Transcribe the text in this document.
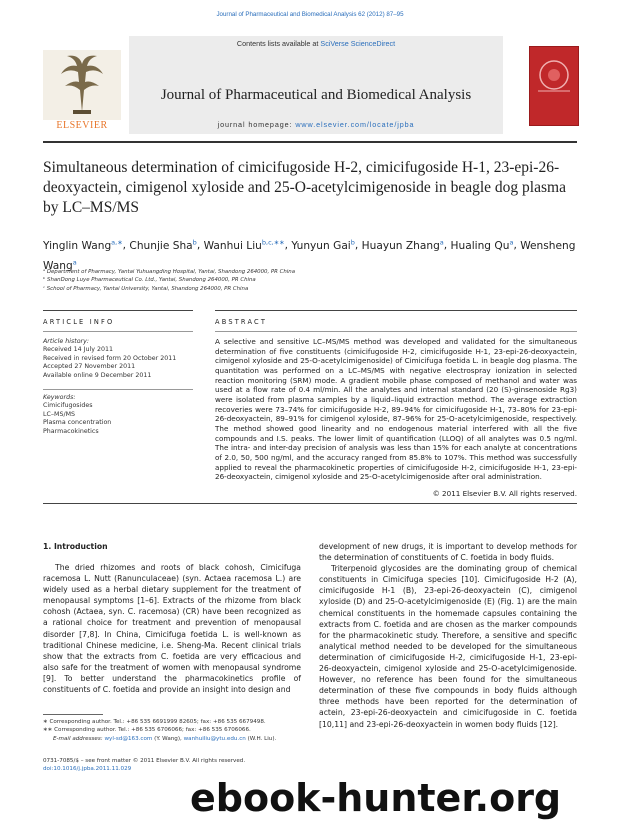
Journal of Pharmaceutical and Biomedical Analysis 62 (2012) 87–95
ELSEVIER
Contents lists available at SciVerse ScienceDirect
Journal of Pharmaceutical and Biomedical Analysis
journal homepage: www.elsevier.com/locate/jpba
Simultaneous determination of cimicifugoside H-2, cimicifugoside H-1, 23-epi-26-deoxyactein, cimigenol xyloside and 25-O-acetylcimigenoside in beagle dog plasma by LC–MS/MS
Yinglin Wang$^{a,∗}$, Chunjie Sha$^b$, Wanhui Liu$^{b,c,∗∗}$, Yunyun Gai$^b$, Huayun Zhang$^a$, Hualing Qu$^a$, Wensheng Wang$^a$
ᵃ Department of Pharmacy, Yantai Yuhuangding Hospital, Yantai, Shandong 264000, PR China
ᵇ ShanDong Luye Pharmaceutical Co. Ltd., Yantai, Shandong 264000, PR China
ᶜ School of Pharmacy, Yantai University, Yantai, Shandong 264000, PR China
ARTICLE INFO
Article history:
Received 14 July 2011
Received in revised form 20 October 2011
Accepted 27 November 2011
Available online 9 December 2011
Keywords:
Cimicifugosides
LC–MS/MS
Plasma concentration
Pharmacokinetics
ABSTRACT
A selective and sensitive LC–MS/MS method was developed and validated for the simultaneous determination of five constituents (cimicifugoside H-2, cimicifugoside H-1, 23-epi-26-deoxyactein, cimigenol xyloside and 25-O-acetylcimigenoside) of Cimicifuga foetida L. in beagle dog plasma. The quantitation was performed on a LC–MS/MS with negative electrospray ionization in selected reaction monitoring (SRM) mode. A gradient mobile phase composed of methanol and water was used at a flow rate of 0.4 ml/min. All the analytes and internal standard (20 (S)-ginsenoside Rg3) were isolated from plasma samples by a liquid–liquid extraction method. The average extraction recoveries were 73–74% for cimicifugoside H-2, 89–94% for cimicifugoside H-1, 73–80% for 23-epi-26-deoxyactein, 89–91% for cimigenol xyloside, 87–96% for 25-O-acetylcimigenoside, respectively. The method showed good linearity and no endogenous material interfered with all the five compounds and I.S. peaks. The lower limit of quantification (LLOQ) of all analytes was 0.5 ng/ml. The intra- and inter-day precision of analysis was less than 15% for each analyte at concentrations of 2.0, 50, 500 ng/ml, and the accuracy ranged from 85.8% to 107%. This method was successfully applied to reveal the pharmacokinetic properties of cimicifugoside H-2, cimicifugoside H-1, 23-epi-26-deoxyactein, cimigenol xyloside and 25-O-acetylcimigenoside after oral administration.
© 2011 Elsevier B.V. All rights reserved.
1. Introduction

The dried rhizomes and roots of black cohosh, Cimicifuga racemosa L. Nutt (Ranunculaceae) (syn. Actaea racemosa L.) are widely used as a herbal dietary supplement for the treatment of menopausal symptoms [1–6]. Extracts of the rhizome from black cohosh (Actaea, syn. C. racemosa) (CR) have been recognized as a rational choice for treatment and prevention of menopausal disorder [7,8]. In China, Cimicifuga foetida L. is well-known as traditional Chinese medicine, i.e. Sheng-Ma. Recent clinical trials show that the extracts from C. foetida are very efficacious and also safe for the treatment of women with menopausal syndrome [9]. To better understand the pharmacokinetics profile of constituents of C. foetida and provide an insight into design and

development of new drugs, it is important to develop methods for the determination of constituents of C. foetida in body fluids.

Triterpenoid glycosides are the dominating group of chemical constituents in Cimicifuga species [10]. Cimicifugoside H-2 (A), cimicifugoside H-1 (B), 23-epi-26-deoxyactein (C), cimigenol xyloside (D) and 25-O-acetylcimigenoside (E) (Fig. 1) are the main chemical constituents in the homemade capsules containing the extracts from C. foetida and are chosen as the marker compounds for the pharmacokinetic study. Therefore, a sensitive and specific analytical method needed to be developed for the simultaneous determination of cimicifugoside H-2, cimicifugoside H-1, 23-epi-26-deoxyactein, cimigenol xyloside and 25-O-acetylcimigenoside. However, no reference has been found for the simultaneous determination of these five compounds in body fluids although three methods have been reported for the determination of actein, 23-epi-26-deoxyactein and cimicifugoside in C. foetida [10,11] and 23-epi-26-deoxyactein in women body fluids [12].

∗ Corresponding author. Tel.: +86 535 6691999 82605; fax: +86 535 6679498.
∗∗ Corresponding author. Tel.: +86 535 6706066; fax: +86 535 6706066.
E-mail addresses: wyl-sd@163.com (Y. Wang), wanhuiliu@ytu.edu.cn (W.H. Liu).
0731-7085/$ – see front matter © 2011 Elsevier B.V. All rights reserved.
doi:10.1016/j.jpba.2011.11.029
ebook-hunter.org
